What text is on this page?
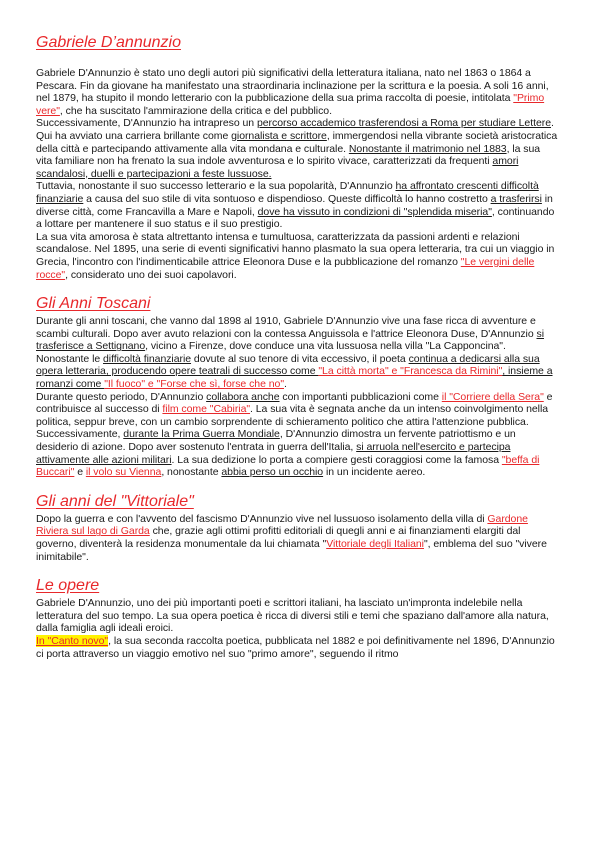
Gabriele D’annunzio

Gabriele D'Annunzio è stato uno degli autori più significativi della letteratura italiana, nato nel 1863 o 1864 a Pescara. Fin da giovane ha manifestato una straordinaria inclinazione per la scrittura e la poesia. A soli 16 anni, nel 1879, ha stupito il mondo letterario con la pubblicazione della sua prima raccolta di poesie, intitolata "Primo vere", che ha suscitato l'ammirazione della critica e del pubblico.

Successivamente, D'Annunzio ha intrapreso un percorso accademico trasferendosi a Roma per studiare Lettere. Qui ha avviato una carriera brillante come giornalista e scrittore, immergendosi nella vibrante società aristocratica della città e partecipando attivamente alla vita mondana e culturale. Nonostante il matrimonio nel 1883, la sua vita familiare non ha frenato la sua indole avventurosa e lo spirito vivace, caratterizzati da frequenti amori scandalosi, duelli e partecipazioni a feste lussuose.

Tuttavia, nonostante il suo successo letterario e la sua popolarità, D'Annunzio ha affrontato crescenti difficoltà finanziarie a causa del suo stile di vita sontuoso e dispendioso. Queste difficoltà lo hanno costretto a trasferirsi in diverse città, come Francavilla a Mare e Napoli, dove ha vissuto in condizioni di "splendida miseria", continuando a lottare per mantenere il suo status e il suo prestigio.

La sua vita amorosa è stata altrettanto intensa e tumultuosa, caratterizzata da passioni ardenti e relazioni scandalose. Nel 1895, una serie di eventi significativi hanno plasmato la sua opera letteraria, tra cui un viaggio in Grecia, l'incontro con l'indimenticabile attrice Eleonora Duse e la pubblicazione del romanzo "Le vergini delle rocce", considerato uno dei suoi capolavori.

Gli Anni Toscani

Durante gli anni toscani, che vanno dal 1898 al 1910, Gabriele D'Annunzio vive una fase ricca di avventure e scambi culturali. Dopo aver avuto relazioni con la contessa Anguissola e l'attrice Eleonora Duse, D'Annunzio si trasferisce a Settignano, vicino a Firenze, dove conduce una vita lussuosa nella villa "La Capponcina". Nonostante le difficoltà finanziarie dovute al suo tenore di vita eccessivo, il poeta continua a dedicarsi alla sua opera letteraria, producendo opere teatrali di successo come "La città morta" e "Francesca da Rimini", insieme a romanzi come "Il fuoco" e "Forse che sì, forse che no".

Durante questo periodo, D'Annunzio collabora anche con importanti pubblicazioni come il "Corriere della Sera" e contribuisce al successo di film come "Cabiria". La sua vita è segnata anche da un intenso coinvolgimento nella politica, seppur breve, con un cambio sorprendente di schieramento politico che attira l'attenzione pubblica.

Successivamente, durante la Prima Guerra Mondiale, D'Annunzio dimostra un fervente patriottismo e un desiderio di azione. Dopo aver sostenuto l'entrata in guerra dell'Italia, si arruola nell'esercito e partecipa attivamente alle azioni militari. La sua dedizione lo porta a compiere gesti coraggiosi come la famosa "beffa di Buccari" e il volo su Vienna, nonostante abbia perso un occhio in un incidente aereo.

Gli anni del "Vittoriale"

Dopo la guerra e con l'avvento del fascismo D'Annunzio vive nel lussuoso isolamento della villa di Gardone Riviera sul lago di Garda che, grazie agli ottimi profitti editoriali di quegli anni e ai finanziamenti elargiti dal governo, diventerà la residenza monumentale da lui chiamata "Vittoriale degli Italiani", emblema del suo "vivere inimitabile".

Le opere

Gabriele D'Annunzio, uno dei più importanti poeti e scrittori italiani, ha lasciato un'impronta indelebile nella letteratura del suo tempo. La sua opera poetica è ricca di diversi stili e temi che spaziano dall'amore alla natura, dalla famiglia agli ideali eroici.

In "Canto novo", la sua seconda raccolta poetica, pubblicata nel 1882 e poi definitivamente nel 1896, D'Annunzio ci porta attraverso un viaggio emotivo nel suo "primo amore", seguendo il ritmo
